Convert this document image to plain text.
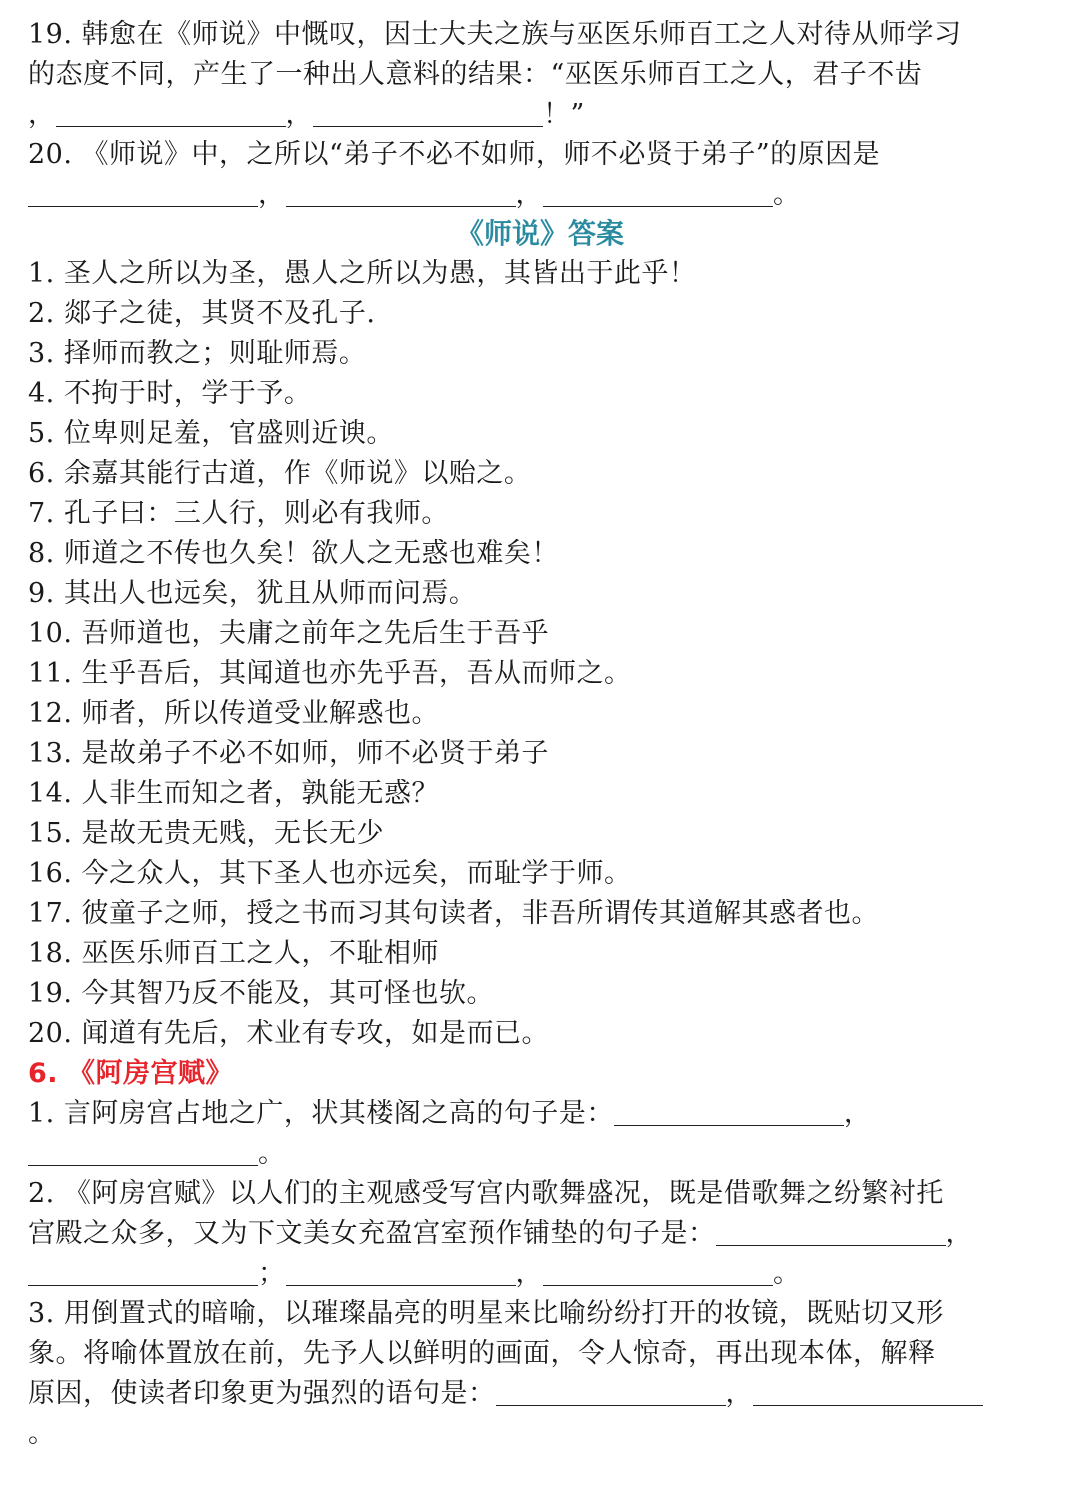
19. 韩愈在《师说》中慨叹，因士大夫之族与巫医乐师百工之人对待从师学习
的态度不同，产生了一种出人意料的结果：“巫医乐师百工之人，君子不齿
，	，	！”
20. 《师说》中，之所以“弟子不必不如师，师不必贤于弟子”的原因是
，	，	。
《师说》答案
1. 圣人之所以为圣，愚人之所以为愚，其皆出于此乎！
2. 郯子之徒，其贤不及孔子.
3. 择师而教之；则耻师焉。
4. 不拘于时，学于予。
5. 位卑则足羞，官盛则近谀。
6. 余嘉其能行古道，作《师说》以贻之。
7. 孔子曰：三人行，则必有我师。
8. 师道之不传也久矣！欲人之无惑也难矣！
9. 其出人也远矣，犹且从师而问焉。
10. 吾师道也，夫庸之前年之先后生于吾乎
11. 生乎吾后，其闻道也亦先乎吾，吾从而师之。
12. 师者，所以传道受业解惑也。
13. 是故弟子不必不如师，师不必贤于弟子
14. 人非生而知之者，孰能无惑？
15. 是故无贵无贱，无长无少
16. 今之众人，其下圣人也亦远矣，而耻学于师。
17. 彼童子之师，授之书而习其句读者，非吾所谓传其道解其惑者也。
18. 巫医乐师百工之人，不耻相师
19. 今其智乃反不能及，其可怪也欤。
20. 闻道有先后，术业有专攻，如是而已。
6. 《阿房宫赋》
1. 言阿房宫占地之广，状其楼阁之高的句子是：	，
。
2. 《阿房宫赋》以人们的主观感受写宫内歌舞盛况，既是借歌舞之纷繁衬托
宫殿之众多，又为下文美女充盈宫室预作铺垫的句子是：	，
；	，	。
3. 用倒置式的暗喻，以璀璨晶亮的明星来比喻纷纷打开的妆镜，既贴切又形
象。将喻体置放在前，先予人以鲜明的画面，令人惊奇，再出现本体，解释
原因，使读者印象更为强烈的语句是：	，
。
